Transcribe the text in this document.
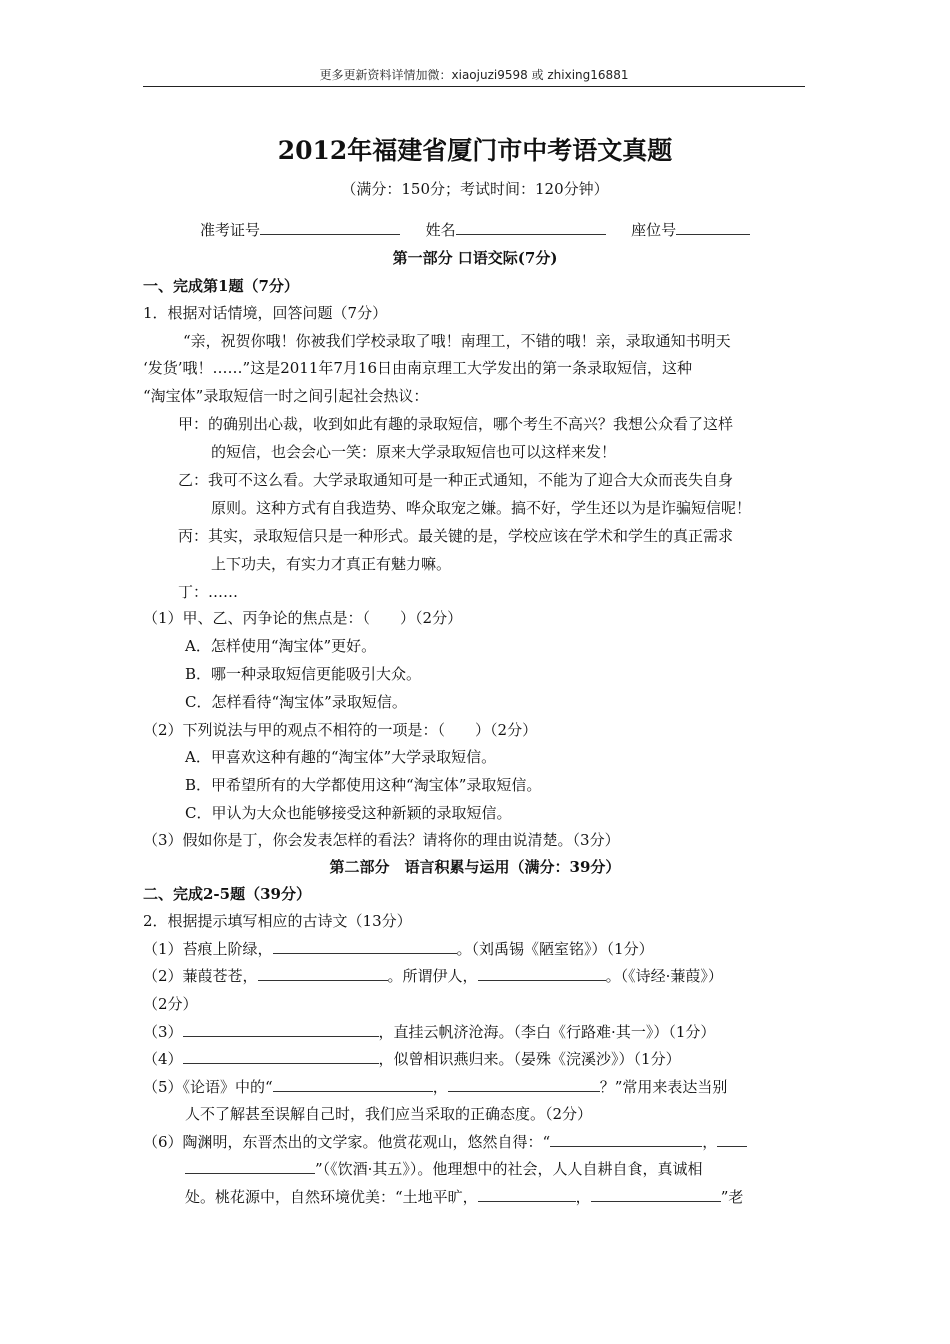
更多更新资料详情加微：xiaojuzi9598 或 zhixing16881
2012年福建省厦门市中考语文真题
（满分：150分；考试时间：120分钟）
准考证号	姓名	座位号
第一部分 口语交际(7分)
一、完成第1题（7分）
1．根据对话情境，回答问题（7分）
“亲，祝贺你哦！你被我们学校录取了哦！南理工，不错的哦！亲，录取通知书明天
‘发货’哦！……”这是2011年7月16日由南京理工大学发出的第一条录取短信，这种
“淘宝体”录取短信一时之间引起社会热议：
甲：的确别出心裁，收到如此有趣的录取短信，哪个考生不高兴？我想公众看了这样
的短信，也会会心一笑：原来大学录取短信也可以这样来发！
乙：我可不这么看。大学录取通知可是一种正式通知，不能为了迎合大众而丧失自身
原则。这种方式有自我造势、哗众取宠之嫌。搞不好，学生还以为是诈骗短信呢！
丙：其实，录取短信只是一种形式。最关键的是，学校应该在学术和学生的真正需求
上下功夫，有实力才真正有魅力嘛。
丁：……
（1）甲、乙、丙争论的焦点是：（　　）（2分）
A．怎样使用“淘宝体”更好。
B．哪一种录取短信更能吸引大众。
C．怎样看待“淘宝体”录取短信。
（2）下列说法与甲的观点不相符的一项是：（　　）（2分）
A．甲喜欢这种有趣的“淘宝体”大学录取短信。
B．甲希望所有的大学都使用这种“淘宝体”录取短信。
C．甲认为大众也能够接受这种新颖的录取短信。
（3）假如你是丁，你会发表怎样的看法？请将你的理由说清楚。（3分）
第二部分　语言积累与运用（满分：39分）
二、完成2-5题（39分）
2．根据提示填写相应的古诗文（13分）
（1）苔痕上阶绿，	。（刘禹锡《陋室铭》）（1分）
（2）蒹葭苍苍，	。所谓伊人，	。（《诗经·蒹葭》）
（2分）
（3）	，直挂云帆济沧海。（李白《行路难·其一》）（1分）
（4）	，似曾相识燕归来。（晏殊《浣溪沙》）（1分）
（5）《论语》中的“	，	？”常用来表达当别
人不了解甚至误解自己时，我们应当采取的正确态度。（2分）
（6）陶渊明，东晋杰出的文学家。他赏花观山，悠然自得：“	，
”（《饮酒·其五》）。他理想中的社会，人人自耕自食，真诚相
处。桃花源中，自然环境优美：“土地平旷，	，	”老
